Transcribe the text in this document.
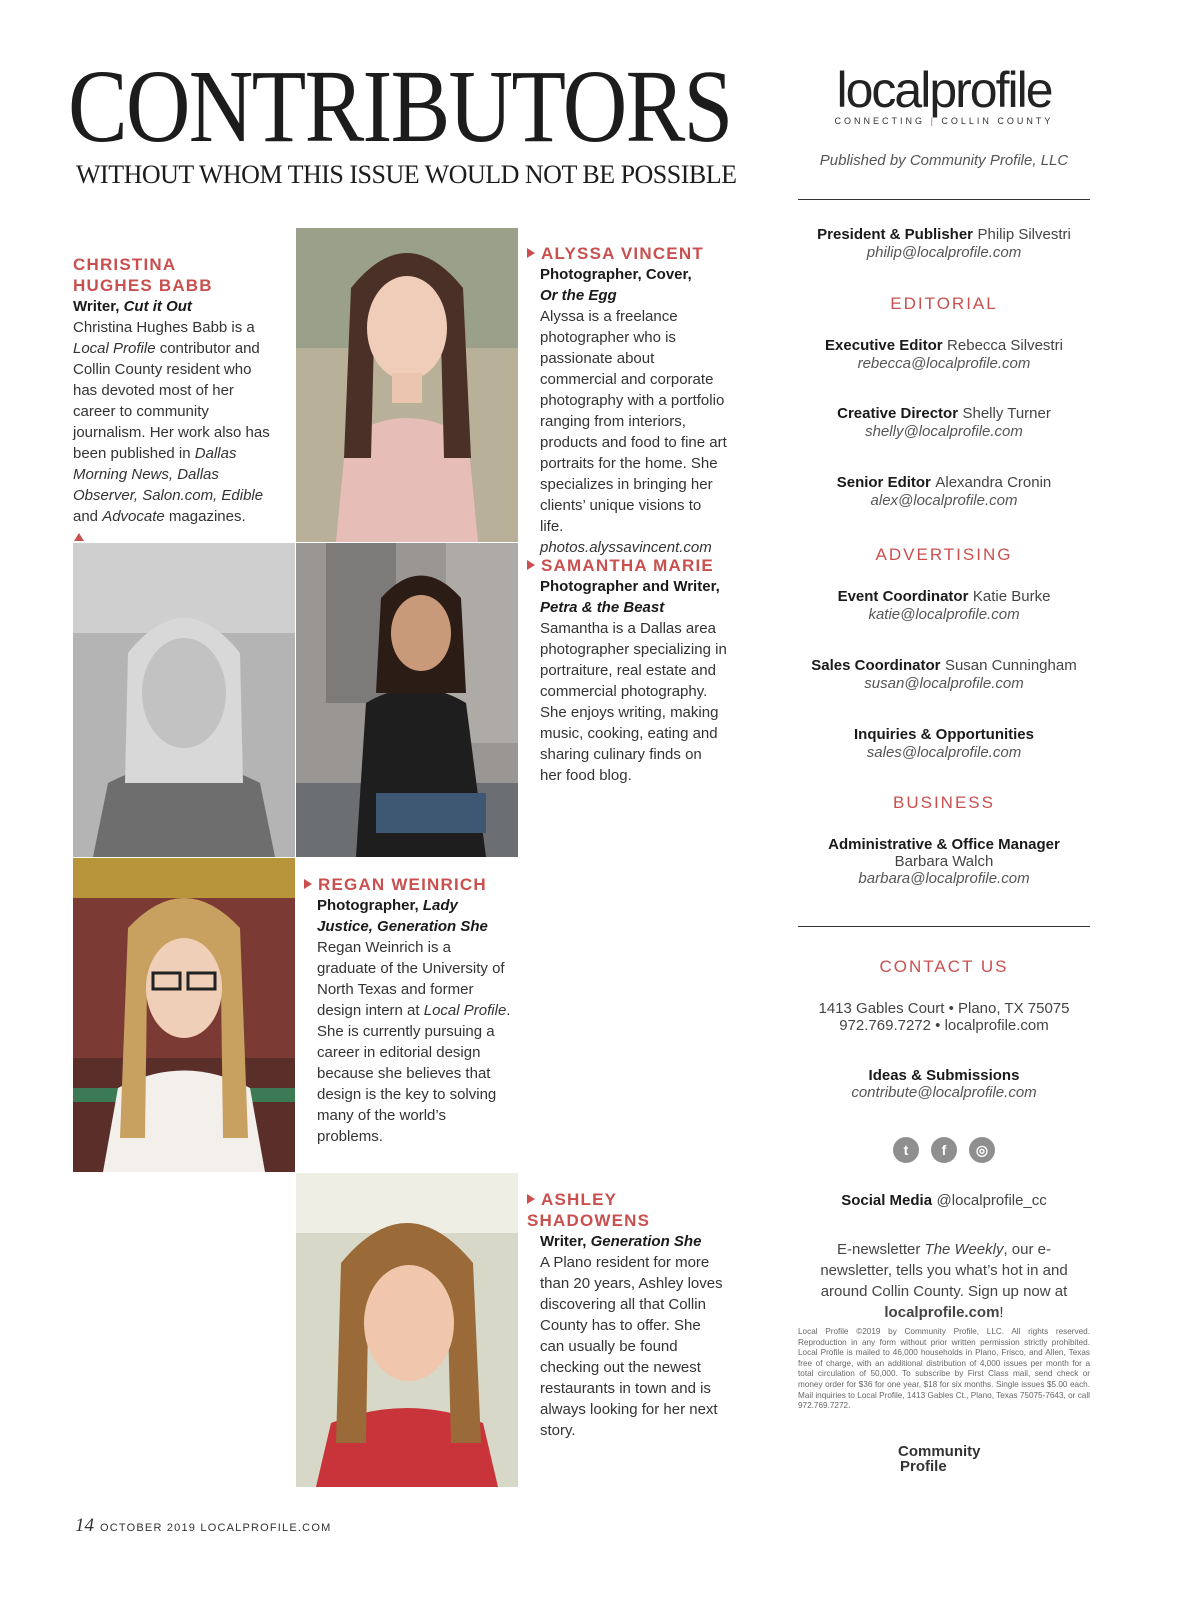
CONTRIBUTORS
WITHOUT WHOM THIS ISSUE WOULD NOT BE POSSIBLE
CHRISTINA
HUGHES BABB
Writer, Cut it Out
Christina Hughes Babb is a Local Profile contributor and Collin County resident who has devoted most of her career to community journalism. Her work also has been published in Dallas Morning News, Dallas Observer, Salon.com, Edible and Advocate magazines.
ALYSSA VINCENT
Photographer, Cover,
Or the Egg
Alyssa is a freelance photographer who is passionate about commercial and corporate photography with a portfolio ranging from interiors, products and food to fine art portraits for the home. She specializes in bringing her clients’ unique visions to life.
photos.alyssavincent.com
SAMANTHA MARIE
Photographer and Writer,
Petra & the Beast
Samantha is a Dallas area photographer specializing in portraiture, real estate and commercial photography. She enjoys writing, making music, cooking, eating and sharing culinary finds on her food blog.
REGAN WEINRICH
Photographer, Lady Justice, Generation She
Regan Weinrich is a graduate of the University of North Texas and former design intern at Local Profile. She is currently pursuing a career in editorial design because she believes that design is the key to solving many of the world’s problems.
ASHLEY SHADOWENS
Writer, Generation She
A Plano resident for more than 20 years, Ashley loves discovering all that Collin County has to offer. She can usually be found checking out the newest restaurants in town and is always looking for her next story.
localprofile
CONNECTING | COLLIN COUNTY
Published by Community Profile, LLC
President & Publisher Philip Silvestri
philip@localprofile.com
EDITORIAL
Executive Editor Rebecca Silvestri
rebecca@localprofile.com
Creative Director Shelly Turner
shelly@localprofile.com
Senior Editor Alexandra Cronin
alex@localprofile.com
ADVERTISING
Event Coordinator Katie Burke
katie@localprofile.com
Sales Coordinator Susan Cunningham
susan@localprofile.com
Inquiries & Opportunities
sales@localprofile.com
BUSINESS
Administrative & Office Manager
Barbara Walch
barbara@localprofile.com
CONTACT US
1413 Gables Court • Plano, TX 75075
972.769.7272 • localprofile.com
Ideas & Submissions
contribute@localprofile.com
t f ◎
Social Media @localprofile_cc
E-newsletter The Weekly, our e-newsletter, tells you what’s hot in and around Collin County. Sign up now at localprofile.com!
Local Profile ©2019 by Community Profile, LLC. All rights reserved. Reproduction in any form without prior written permission strictly prohibited. Local Profile is mailed to 46,000 households in Plano, Frisco, and Allen, Texas free of charge, with an additional distribution of 4,000 issues per month for a total circulation of 50,000. To subscribe by First Class mail, send check or money order for $36 for one year, $18 for six months. Single issues $5.00 each. Mail inquiries to Local Profile, 1413 Gables Ct., Plano, Texas 75075-7643, or call 972.769.7272.
Community
Profile
14 OCTOBER 2019 LOCALPROFILE.COM
